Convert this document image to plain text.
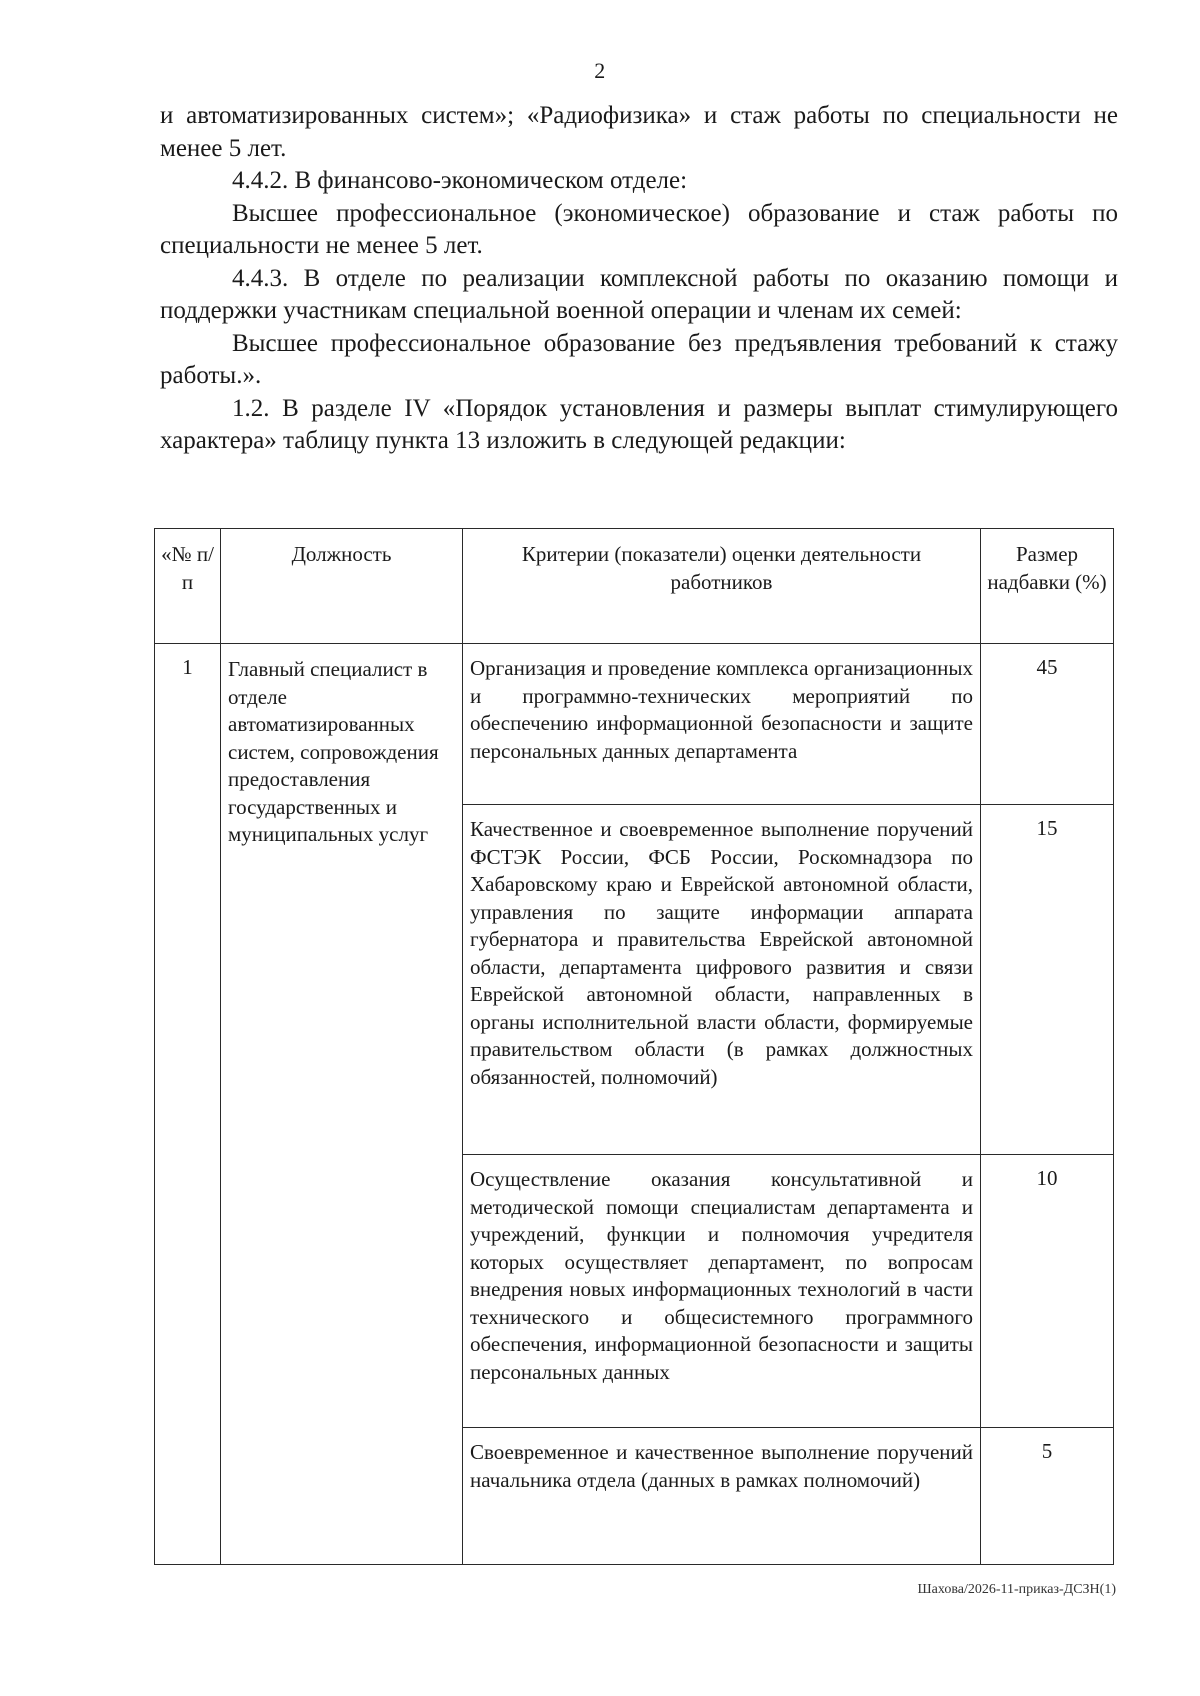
2

и автоматизированных систем»; «Радиофизика» и стаж работы по специальности не менее 5 лет.

4.4.2. В финансово-экономическом отделе:

Высшее профессиональное (экономическое) образование и стаж работы по специальности не менее 5 лет.

4.4.3. В отделе по реализации комплексной работы по оказанию помощи и поддержки участникам специальной военной операции и членам их семей:

Высшее профессиональное образование без предъявления требований к стажу работы.».

1.2. В разделе IV «Порядок установления и размеры выплат стимулирующего характера» таблицу пункта 13 изложить в следующей редакции:

«№ п/п	Должность	Критерии (показатели) оценки деятельности работников	Размер надбавки (%)
1	Главный специалист в отделе автоматизированных систем, сопровождения предоставления государственных и муниципальных услуг	Организация и проведение комплекса организационных и программно-технических мероприятий по обеспечению информационной безопасности и защите персональных данных департамента	45
		Качественное и своевременное выполнение поручений ФСТЭК России, ФСБ России, Роскомнадзора по Хабаровскому краю и Еврейской автономной области, управления по защите информации аппарата губернатора и правительства Еврейской автономной области, департамента цифрового развития и связи Еврейской автономной области, направленных в органы исполнительной власти области, формируемые правительством области (в рамках должностных обязанностей, полномочий)	15
		Осуществление оказания консультативной и методической помощи специалистам департамента и учреждений, функции и полномочия учредителя которых осуществляет департамент, по вопросам внедрения новых информационных технологий в части технического и общесистемного программного обеспечения, информационной безопасности и защиты персональных данных	10
		Своевременное и качественное выполнение поручений начальника отдела (данных в рамках полномочий)	5
Шахова/2026-11-приказ-ДСЗН(1)
